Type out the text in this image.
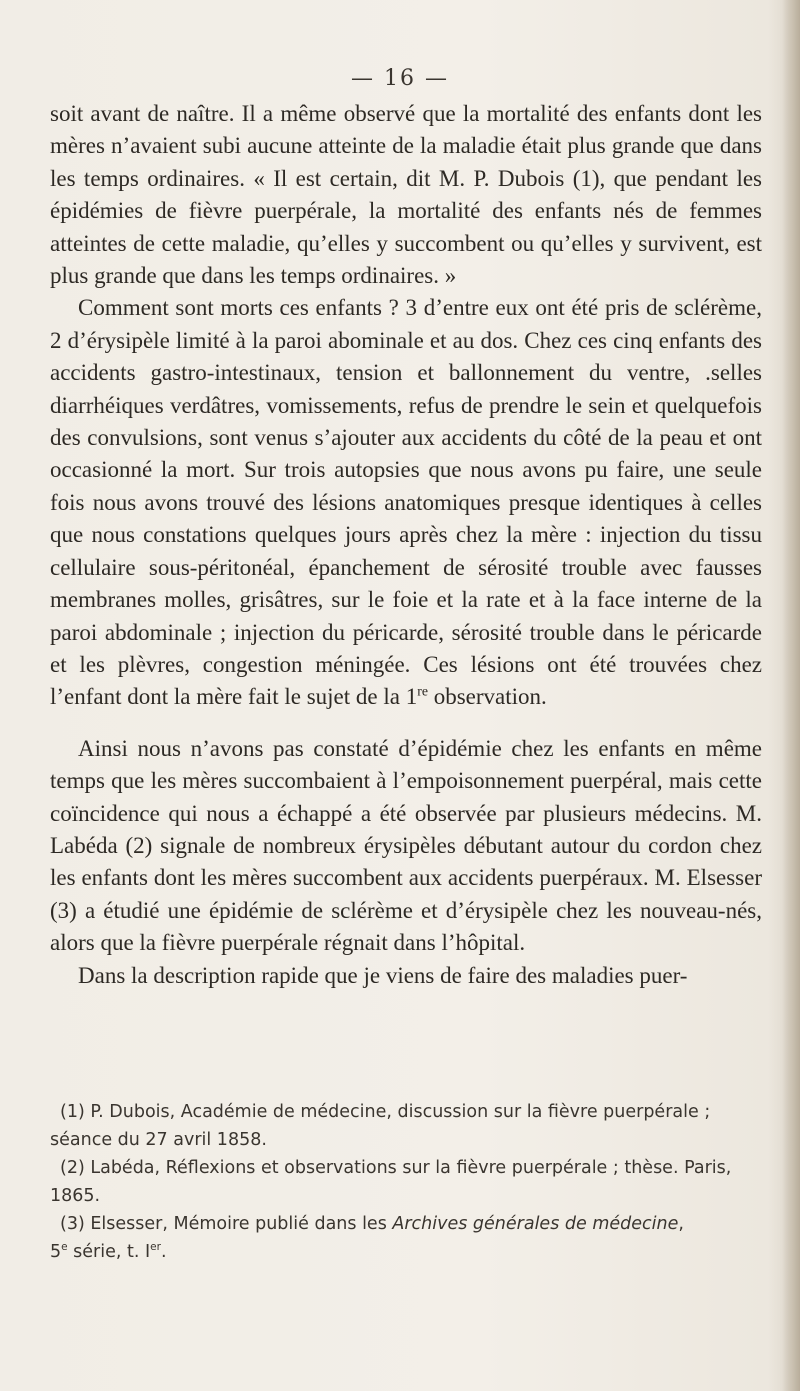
— 16 —

soit avant de naître. Il a même observé que la mortalité des enfants dont les mères n’avaient subi aucune atteinte de la maladie était plus grande que dans les temps ordinaires. « Il est certain, dit M. P. Dubois (1), que pendant les épidémies de fièvre puerpérale, la mortalité des enfants nés de femmes atteintes de cette maladie, qu’elles y succombent ou qu’elles y survivent, est plus grande que dans les temps ordinaires. »

Comment sont morts ces enfants ? 3 d’entre eux ont été pris de sclérème, 2 d’érysipèle limité à la paroi abominale et au dos. Chez ces cinq enfants des accidents gastro-intestinaux, tension et ballonnement du ventre, .selles diarrhéiques verdâtres, vomissements, refus de prendre le sein et quelquefois des convulsions, sont venus s’ajouter aux accidents du côté de la peau et ont occasionné la mort. Sur trois autopsies que nous avons pu faire, une seule fois nous avons trouvé des lésions anatomiques presque identiques à celles que nous constations quelques jours après chez la mère : injection du tissu cellulaire sous-péritonéal, épanchement de sérosité trouble avec fausses membranes molles, grisâtres, sur le foie et la rate et à la face interne de la paroi abdominale ; injection du péricarde, sérosité trouble dans le péricarde et les plèvres, congestion méningée. Ces lésions ont été trouvées chez l’enfant dont la mère fait le sujet de la 1re observation.

Ainsi nous n’avons pas constaté d’épidémie chez les enfants en même temps que les mères succombaient à l’empoisonnement puerpéral, mais cette coïncidence qui nous a échappé a été observée par plusieurs médecins. M. Labéda (2) signale de nombreux érysipèles débutant autour du cordon chez les enfants dont les mères succombent aux accidents puerpéraux. M. Elsesser (3) a étudié une épidémie de sclérème et d’érysipèle chez les nouveau-nés, alors que la fièvre puerpérale régnait dans l’hôpital.

Dans la description rapide que je viens de faire des maladies puer-

(1) P. Dubois, Académie de médecine, discussion sur la fièvre puerpérale ; séance du 27 avril 1858.

(2) Labéda, Réflexions et observations sur la fièvre puerpérale ; thèse. Paris, 1865.

(3) Elsesser, Mémoire publié dans les Archives générales de médecine,
5e série, t. Ier.
